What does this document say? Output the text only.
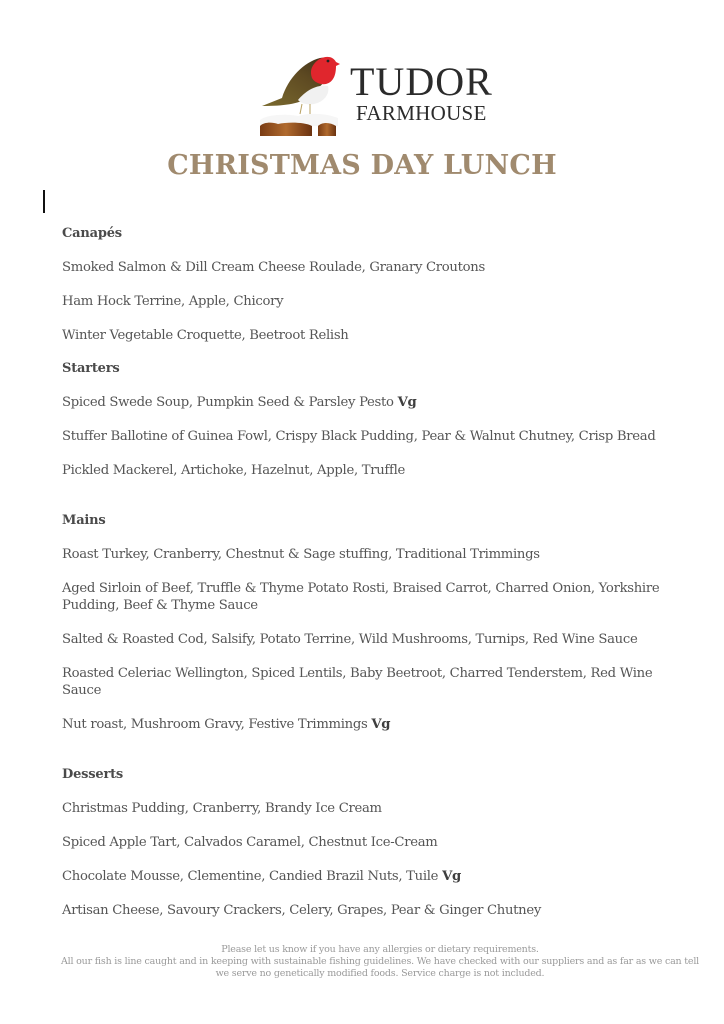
TUDOR
FARMHOUSE
CHRISTMAS DAY LUNCH
Canapés
Smoked Salmon & Dill Cream Cheese Roulade, Granary Croutons
Ham Hock Terrine, Apple, Chicory
Winter Vegetable Croquette, Beetroot Relish
Starters
Spiced Swede Soup, Pumpkin Seed & Parsley Pesto Vg
Stuffer Ballotine of Guinea Fowl, Crispy Black Pudding, Pear & Walnut Chutney, Crisp Bread
Pickled Mackerel, Artichoke, Hazelnut, Apple, Truffle
Mains
Roast Turkey, Cranberry, Chestnut & Sage stuffing, Traditional Trimmings
Aged Sirloin of Beef, Truffle & Thyme Potato Rosti, Braised Carrot, Charred Onion, Yorkshire Pudding, Beef & Thyme Sauce
Salted & Roasted Cod, Salsify, Potato Terrine, Wild Mushrooms, Turnips, Red Wine Sauce
Roasted Celeriac Wellington, Spiced Lentils, Baby Beetroot, Charred Tenderstem, Red Wine Sauce
Nut roast, Mushroom Gravy, Festive Trimmings Vg
Desserts
Christmas Pudding, Cranberry, Brandy Ice Cream
Spiced Apple Tart, Calvados Caramel, Chestnut Ice-Cream
Chocolate Mousse, Clementine, Candied Brazil Nuts, Tuile Vg
Artisan Cheese, Savoury Crackers, Celery, Grapes, Pear & Ginger Chutney
Please let us know if you have any allergies or dietary requirements.
All our fish is line caught and in keeping with sustainable fishing guidelines. We have checked with our suppliers and as far as we can tell we serve no genetically modified foods. Service charge is not included.
